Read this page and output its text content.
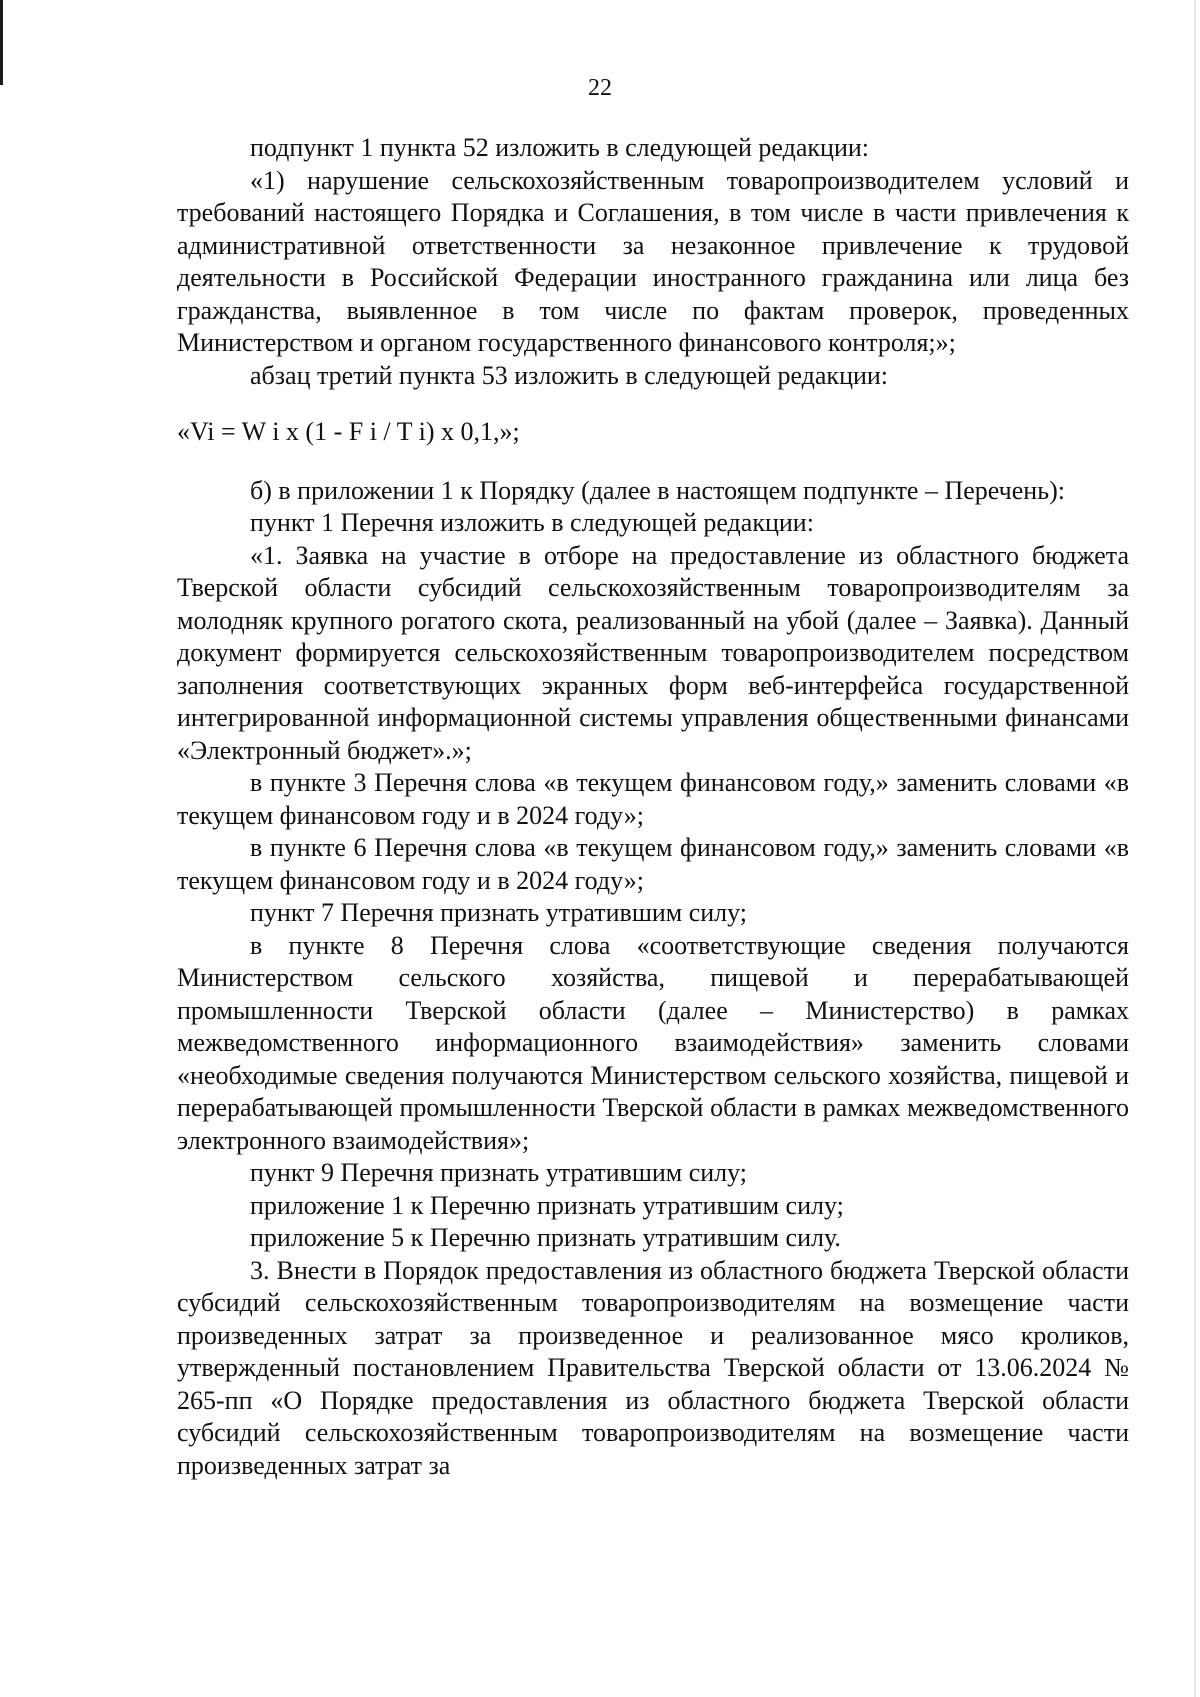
22

подпункт 1 пункта 52 изложить в следующей редакции:

«1) нарушение сельскохозяйственным товаропроизводителем условий и требований настоящего Порядка и Соглашения, в том числе в части привлечения к административной ответственности за незаконное привлечение к трудовой деятельности в Российской Федерации иностранного гражданина или лица без гражданства, выявленное в том числе по фактам проверок, проведенных Министерством и органом государственного финансового контроля;»;

абзац третий пункта 53 изложить в следующей редакции:

«Vi = W i x (1 - F i / T i) x 0,1,»;

б) в приложении 1 к Порядку (далее в настоящем подпункте – Перечень):

пункт 1 Перечня изложить в следующей редакции:

«1. Заявка на участие в отборе на предоставление из областного бюджета Тверской области субсидий сельскохозяйственным товаропроизводителям за молодняк крупного рогатого скота, реализованный на убой (далее – Заявка). Данный документ формируется сельскохозяйственным товаропроизводителем посредством заполнения соответствующих экранных форм веб-интерфейса государственной интегрированной информационной системы управления общественными финансами «Электронный бюджет».»;

в пункте 3 Перечня слова «в текущем финансовом году,» заменить словами «в текущем финансовом году и в 2024 году»;

в пункте 6 Перечня слова «в текущем финансовом году,» заменить словами «в текущем финансовом году и в 2024 году»;

пункт 7 Перечня признать утратившим силу;

в пункте 8 Перечня слова «соответствующие сведения получаются Министерством сельского хозяйства, пищевой и перерабатывающей промышленности Тверской области (далее – Министерство) в рамках межведомственного информационного взаимодействия» заменить словами «необходимые сведения получаются Министерством сельского хозяйства, пищевой и перерабатывающей промышленности Тверской области в рамках межведомственного электронного взаимодействия»;

пункт 9 Перечня признать утратившим силу;

приложение 1 к Перечню признать утратившим силу;

приложение 5 к Перечню признать утратившим силу.

3. Внести в Порядок предоставления из областного бюджета Тверской области субсидий сельскохозяйственным товаропроизводителям на возмещение части произведенных затрат за произведенное и реализованное мясо кроликов, утвержденный постановлением Правительства Тверской области от 13.06.2024 № 265-пп «О Порядке предоставления из областного бюджета Тверской области субсидий сельскохозяйственным товаропроизводителям на возмещение части произведенных затрат за
